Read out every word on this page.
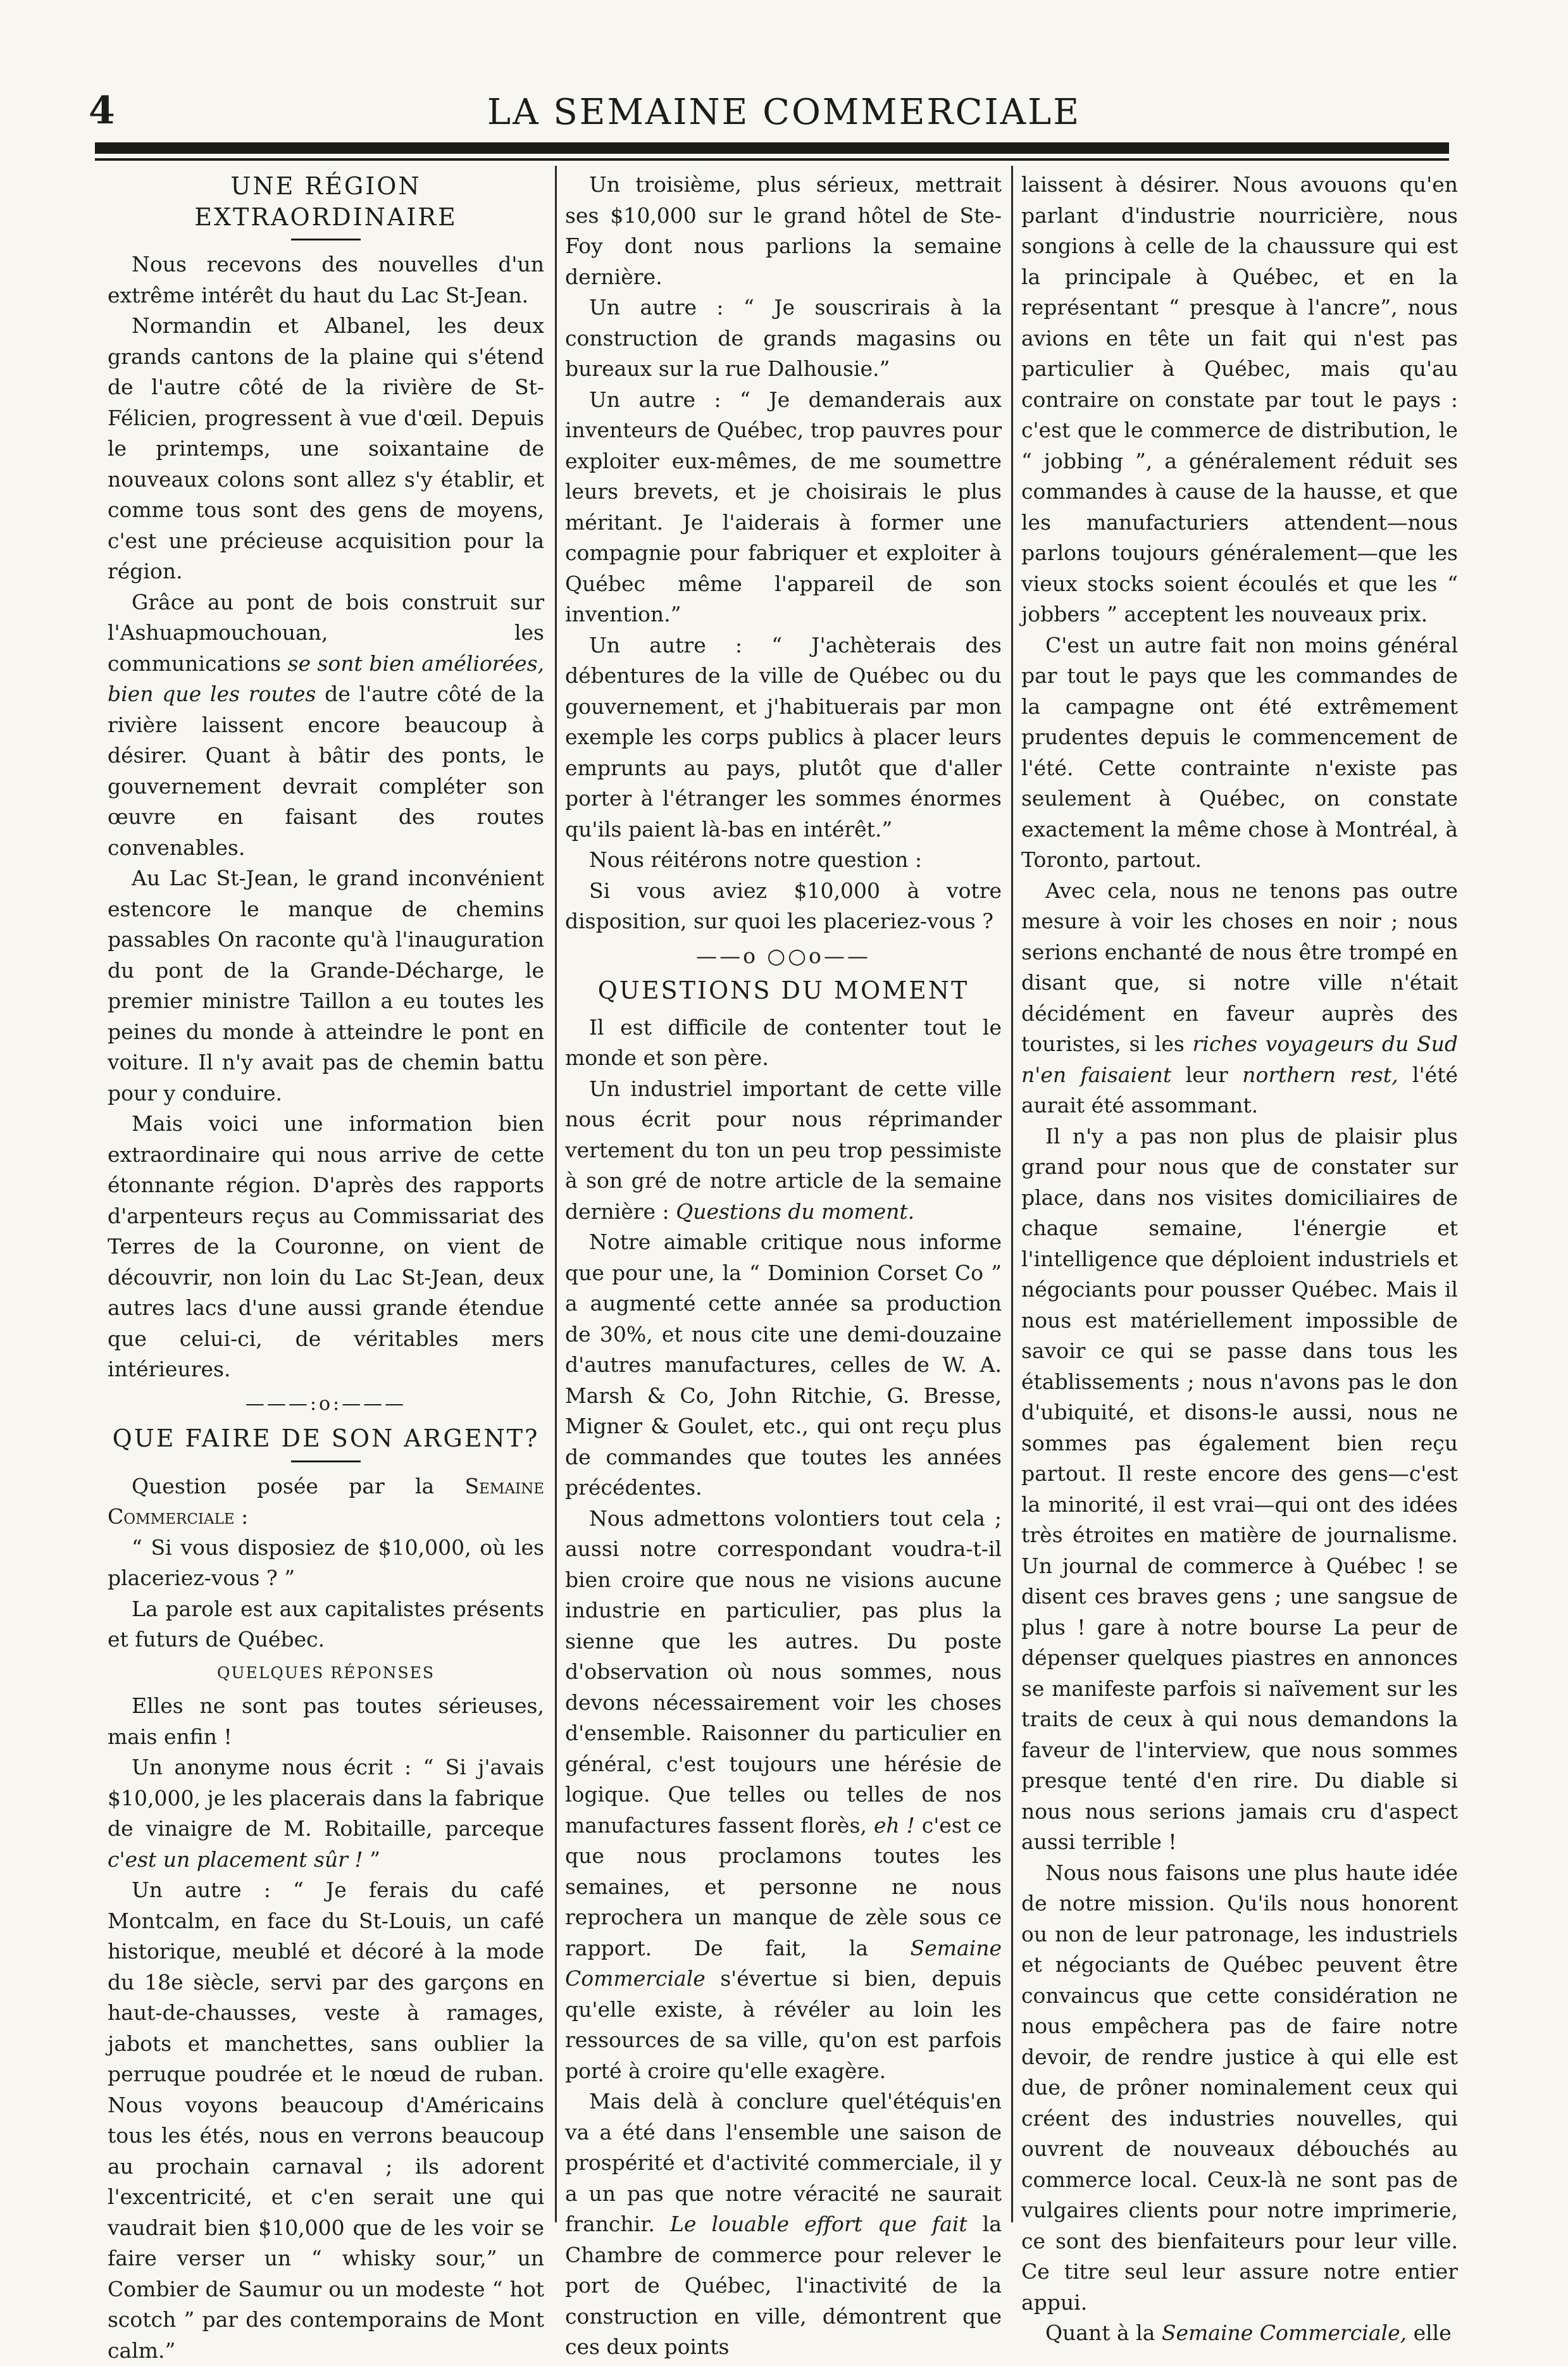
4	LA SEMAINE COMMERCIALE
UNE RÉGION EXTRAORDINAIRE

Nous recevons des nouvelles d'un extrême intérêt du haut du Lac St-Jean.

Normandin et Albanel, les deux grands cantons de la plaine qui s'étend de l'autre côté de la rivière de St-Félicien, progressent à vue d'œil. Depuis le printemps, une soixantaine de nouveaux colons sont allez s'y établir, et comme tous sont des gens de moyens, c'est une précieuse acquisition pour la région.

Grâce au pont de bois construit sur l'Ashuapmouchouan, les communications se sont bien améliorées, bien que les routes de l'autre côté de la rivière laissent encore beaucoup à désirer. Quant à bâtir des ponts, le gouvernement devrait compléter son œuvre en faisant des routes convenables.

Au Lac St-Jean, le grand inconvénient estencore le manque de chemins passables On raconte qu'à l'inauguration du pont de la Grande-Décharge, le premier ministre Taillon a eu toutes les peines du monde à atteindre le pont en voiture. Il n'y avait pas de chemin battu pour y conduire.

Mais voici une information bien extraordinaire qui nous arrive de cette étonnante région. D'après des rapports d'arpenteurs reçus au Commissariat des Terres de la Couronne, on vient de découvrir, non loin du Lac St-Jean, deux autres lacs d'une aussi grande étendue que celui-ci, de véritables mers intérieures.

———:o:———

QUE FAIRE DE SON ARGENT?

Question posée par la Semaine Commerciale :

“ Si vous disposiez de $10,000, où les placeriez-vous ? ”

La parole est aux capitalistes présents et futurs de Québec.

QUELQUES RÉPONSES

Elles ne sont pas toutes sérieuses, mais enfin !

Un anonyme nous écrit : “ Si j'avais $10,000, je les placerais dans la fabrique de vinaigre de M. Robitaille, parceque c'est un placement sûr ! ”

Un autre : “ Je ferais du café Montcalm, en face du St-Louis, un café historique, meublé et décoré à la mode du 18e siècle, servi par des garçons en haut-de-chausses, veste à ramages, jabots et manchettes, sans oublier la perruque poudrée et le nœud de ruban. Nous voyons beaucoup d'Américains tous les étés, nous en verrons beaucoup au prochain carnaval ; ils adorent l'excentricité, et c'en serait une qui vaudrait bien $10,000 que de les voir se faire verser un “ whisky sour,” un Combier de Saumur ou un modeste “ hot scotch ” par des contemporains de Mont calm.”

Un troisième, plus sérieux, mettrait ses $10,000 sur le grand hôtel de Ste-Foy dont nous parlions la semaine dernière.

Un autre : “ Je souscrirais à la construction de grands magasins ou bureaux sur la rue Dalhousie.”

Un autre : “ Je demanderais aux inventeurs de Québec, trop pauvres pour exploiter eux-mêmes, de me soumettre leurs brevets, et je choisirais le plus méritant. Je l'aiderais à former une compagnie pour fabriquer et exploiter à Québec même l'appareil de son invention.”

Un autre : “ J'achèterais des débentures de la ville de Québec ou du gouvernement, et j'habituerais par mon exemple les corps publics à placer leurs emprunts au pays, plutôt que d'aller porter à l'étranger les sommes énormes qu'ils paient là-bas en intérêt.”

Nous réitérons notre question :

Si vous aviez $10,000 à votre disposition, sur quoi les placeriez-vous ?

——o ○○o——

QUESTIONS DU MOMENT

Il est difficile de contenter tout le monde et son père.

Un industriel important de cette ville nous écrit pour nous réprimander vertement du ton un peu trop pessimiste à son gré de notre article de la semaine dernière : Questions du moment.

Notre aimable critique nous informe que pour une, la “ Dominion Corset Co ” a augmenté cette année sa production de 30%, et nous cite une demi-douzaine d'autres manufactures, celles de W. A. Marsh & Co, John Ritchie, G. Bresse, Migner & Goulet, etc., qui ont reçu plus de commandes que toutes les années précédentes.

Nous admettons volontiers tout cela ; aussi notre correspondant voudra-t-il bien croire que nous ne visions aucune industrie en particulier, pas plus la sienne que les autres. Du poste d'observation où nous sommes, nous devons nécessairement voir les choses d'ensemble. Raisonner du particulier en général, c'est toujours une hérésie de logique. Que telles ou telles de nos manufactures fassent florès, eh ! c'est ce que nous proclamons toutes les semaines, et personne ne nous reprochera un manque de zèle sous ce rapport. De fait, la Semaine Commerciale s'évertue si bien, depuis qu'elle existe, à révéler au loin les ressources de sa ville, qu'on est parfois porté à croire qu'elle exagère.

Mais delà à conclure quel'étéquis'en va a été dans l'ensemble une saison de prospérité et d'activité commerciale, il y a un pas que notre véracité ne saurait franchir. Le louable effort que fait la Chambre de commerce pour relever le port de Québec, l'inactivité de la construction en ville, démontrent que ces deux points

laissent à désirer. Nous avouons qu'en parlant d'industrie nourricière, nous songions à celle de la chaussure qui est la principale à Québec, et en la représentant “ presque à l'ancre”, nous avions en tête un fait qui n'est pas particulier à Québec, mais qu'au contraire on constate par tout le pays : c'est que le commerce de distribution, le “ jobbing ”, a généralement réduit ses commandes à cause de la hausse, et que les manufacturiers attendent—nous parlons toujours généralement—que les vieux stocks soient écoulés et que les “ jobbers ” acceptent les nouveaux prix.

C'est un autre fait non moins général par tout le pays que les commandes de la campagne ont été extrêmement prudentes depuis le commencement de l'été. Cette contrainte n'existe pas seulement à Québec, on constate exactement la même chose à Montréal, à Toronto, partout.

Avec cela, nous ne tenons pas outre mesure à voir les choses en noir ; nous serions enchanté de nous être trompé en disant que, si notre ville n'était décidément en faveur auprès des touristes, si les riches voyageurs du Sud n'en faisaient leur northern rest, l'été aurait été assommant.

Il n'y a pas non plus de plaisir plus grand pour nous que de constater sur place, dans nos visites domiciliaires de chaque semaine, l'énergie et l'intelligence que déploient industriels et négociants pour pousser Québec. Mais il nous est matériellement impossible de savoir ce qui se passe dans tous les établissements ; nous n'avons pas le don d'ubiquité, et disons-le aussi, nous ne sommes pas également bien reçu partout. Il reste encore des gens—c'est la minorité, il est vrai—qui ont des idées très étroites en matière de journalisme. Un journal de commerce à Québec ! se disent ces braves gens ; une sangsue de plus ! gare à notre bourse La peur de dépenser quelques piastres en annonces se manifeste parfois si naïvement sur les traits de ceux à qui nous demandons la faveur de l'interview, que nous sommes presque tenté d'en rire. Du diable si nous nous serions jamais cru d'aspect aussi terrible !

Nous nous faisons une plus haute idée de notre mission. Qu'ils nous honorent ou non de leur patronage, les industriels et négociants de Québec peuvent être convaincus que cette considération ne nous empêchera pas de faire notre devoir, de rendre justice à qui elle est due, de prôner nominalement ceux qui créent des industries nouvelles, qui ouvrent de nouveaux débouchés au commerce local. Ceux-là ne sont pas de vulgaires clients pour notre imprimerie, ce sont des bienfaiteurs pour leur ville. Ce titre seul leur assure notre entier appui.

Quant à la Semaine Commerciale, elle
